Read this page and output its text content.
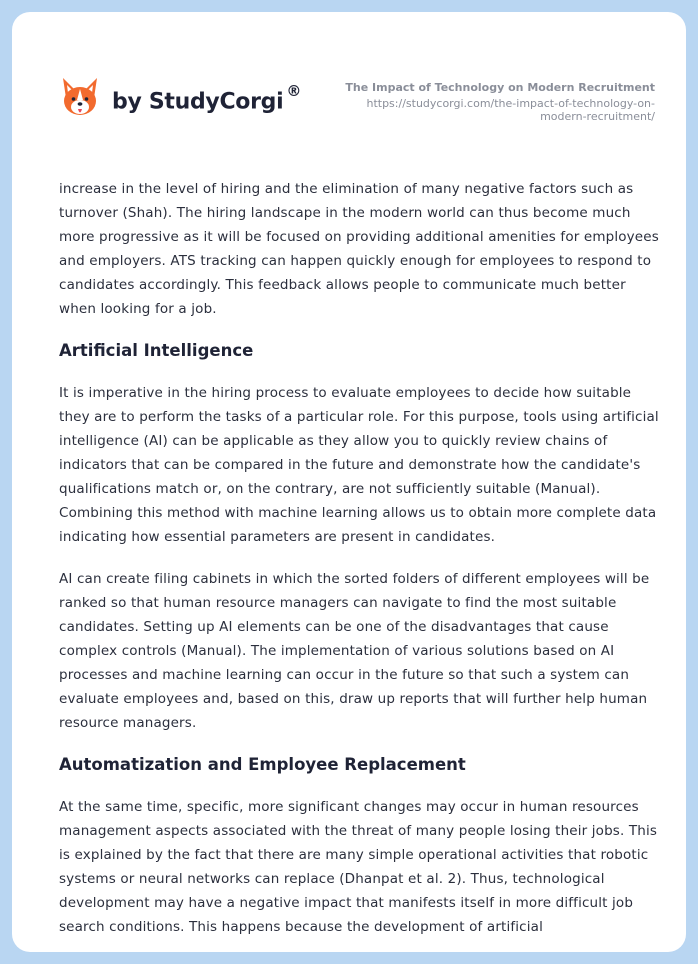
by StudyCorgi ®	The Impact of Technology on Modern Recruitment
https://studycorgi.com/the-impact-of-technology-on-
modern-recruitment/

increase in the level of hiring and the elimination of many negative factors such as turnover (Shah). The hiring landscape in the modern world can thus become much more progressive as it will be focused on providing additional amenities for employees and employers. ATS tracking can happen quickly enough for employees to respond to candidates accordingly. This feedback allows people to communicate much better when looking for a job.

Artificial Intelligence

It is imperative in the hiring process to evaluate employees to decide how suitable they are to perform the tasks of a particular role. For this purpose, tools using artificial intelligence (AI) can be applicable as they allow you to quickly review chains of indicators that can be compared in the future and demonstrate how the candidate's qualifications match or, on the contrary, are not sufficiently suitable (Manual). Combining this method with machine learning allows us to obtain more complete data indicating how essential parameters are present in candidates.

AI can create filing cabinets in which the sorted folders of different employees will be ranked so that human resource managers can navigate to find the most suitable candidates. Setting up AI elements can be one of the disadvantages that cause complex controls (Manual). The implementation of various solutions based on AI processes and machine learning can occur in the future so that such a system can evaluate employees and, based on this, draw up reports that will further help human resource managers.

Automatization and Employee Replacement

At the same time, specific, more significant changes may occur in human resources management aspects associated with the threat of many people losing their jobs. This is explained by the fact that there are many simple operational activities that robotic systems or neural networks can replace (Dhanpat et al. 2). Thus, technological development may have a negative impact that manifests itself in more difficult job search conditions. This happens because the development of artificial
